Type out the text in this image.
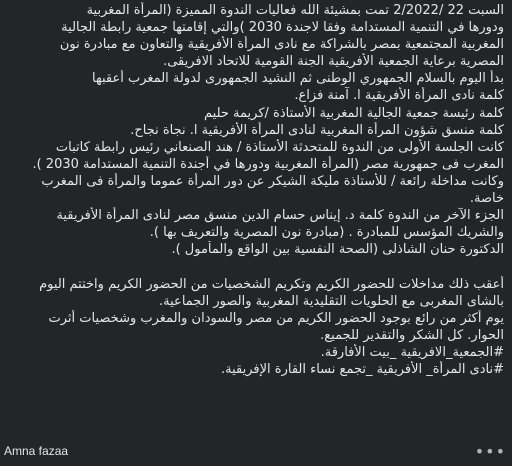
السبت 22 /2/2022 تمت بمشيئة الله فعاليات الندوة المميزة (المرأة المغربية
ودورها في التنمية المستدامة وفقا لاجندة 2030 )والتي إقامتها جمعية رابطة الجالية
المغربية المجتمعية بمصر بالشراكة مع نادى المرأة الأفريقية والتعاون مع مبادرة نون
المصرية برعاية الجمعية الأفريقية الجنة القومية للاتحاد الافريقى.
بدأ اليوم بالسلام الجمهوري الوطنى ثم النشيد الجمهورى لدولة المغرب أعقبها
كلمة نادى المرأة الأفريقية ا. آمنة فزاع.
كلمة رئيسة جمعية الجالية المغربية الأستاذة /كريمة حليم
كلمة منسق شؤون المرأة المغربية لنادى المرأة الأفريقية ا. نجاة نجاح.
كانت الجلسة الأولى من الندوة للمتحدثة الأستاذة / هند الصنعاني رئيس رابطة كاتبات
المغرب فى جمهورية مصر (المرأة المغربية ودورها في أجندة التنمية المستدامة 2030 ).
وكانت مداخلة رائعة / للأستاذة مليكة الشيكر عن دور المرأة عموما والمرأة فى المغرب
خاصة.
الجزء الآخر من الندوة كلمة د. إيناس حسام الدين منسق مصر لنادى المرأة الأفريقية
والشريك المؤسس للمبادرة . (مبادرة نون المصرية والتعريف بها ).
الدكتورة حنان الشاذلى (الصحة النفسية بين الواقع والمأمول ).
أعقب ذلك مداخلات للحضور الكريم وتكريم الشخصيات من الحضور الكريم واختتم اليوم
بالشاى المغربى مع الحلويات التقليدية المغربية والصور الجماعية.
يوم أكثر من رائع بوجود الحضور الكريم من مصر والسودان والمغرب وشخصيات أثرت
الحوار. كل الشكر والتقدير للجميع.
#الجمعية_الافريقية _بيت الأفارقة.
#نادى المرأة_ الأفريقية _تجمع نساء القارة الإفريقية.
Amna fazaa	•••
